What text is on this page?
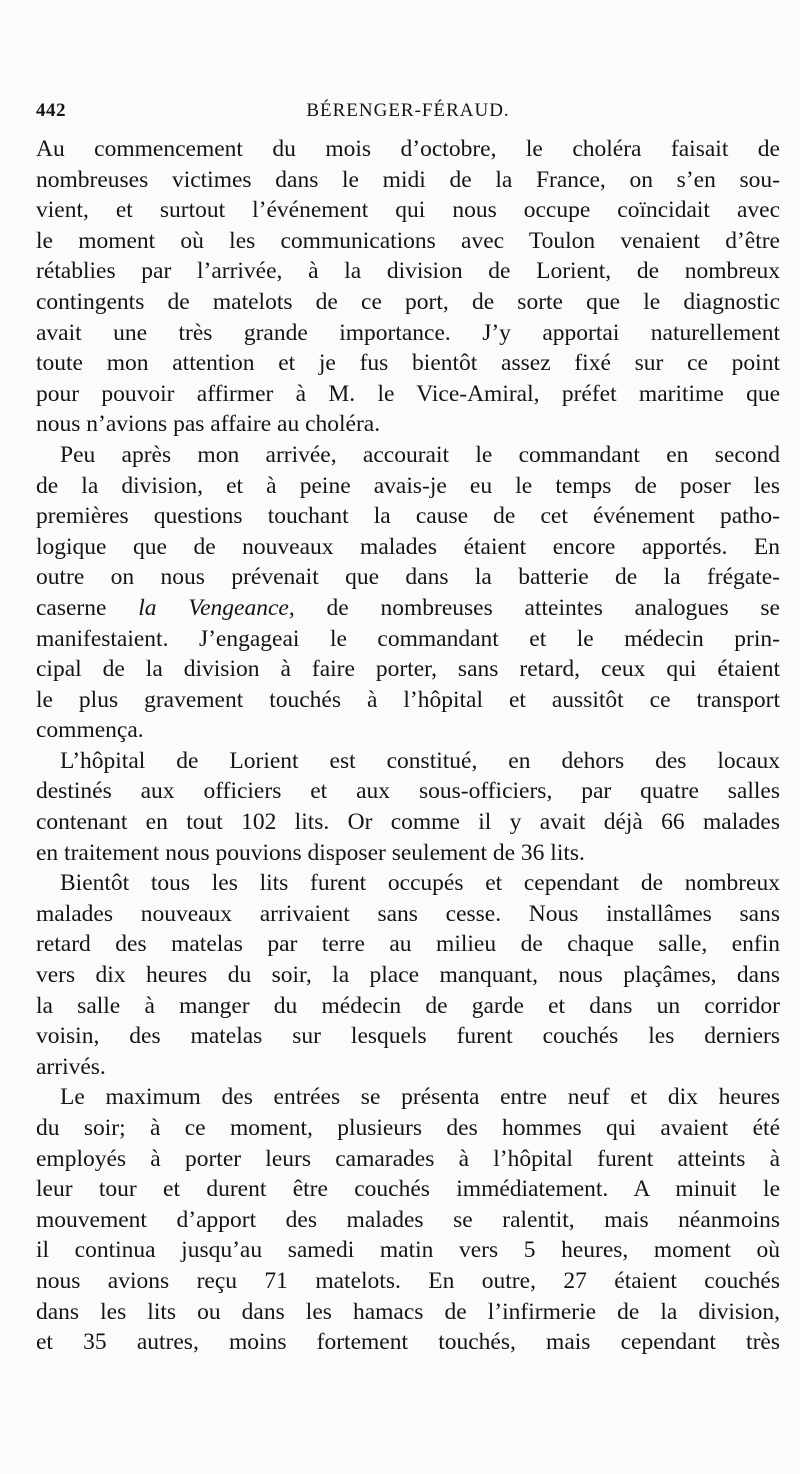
442	BÉRENGER-FÉRAUD.

Au commencement du mois d’octobre, le choléra faisait de
nombreuses victimes dans le midi de la France, on s’en sou-
vient, et surtout l’événement qui nous occupe coïncidait avec
le moment où les communications avec Toulon venaient d’être
rétablies par l’arrivée, à la division de Lorient, de nombreux
contingents de matelots de ce port, de sorte que le diagnostic
avait une très grande importance. J’y apportai naturellement
toute mon attention et je fus bientôt assez fixé sur ce point
pour pouvoir affirmer à M. le Vice-Amiral, préfet maritime que
nous n’avions pas affaire au choléra.

Peu après mon arrivée, accourait le commandant en second
de la division, et à peine avais-je eu le temps de poser les
premières questions touchant la cause de cet événement patho-
logique que de nouveaux malades étaient encore apportés. En
outre on nous prévenait que dans la batterie de la frégate-
caserne la Vengeance, de nombreuses atteintes analogues se
manifestaient. J’engageai le commandant et le médecin prin-
cipal de la division à faire porter, sans retard, ceux qui étaient
le plus gravement touchés à l’hôpital et aussitôt ce transport
commença.

L’hôpital de Lorient est constitué, en dehors des locaux
destinés aux officiers et aux sous-officiers, par quatre salles
contenant en tout 102 lits. Or comme il y avait déjà 66 malades
en traitement nous pouvions disposer seulement de 36 lits.

Bientôt tous les lits furent occupés et cependant de nombreux
malades nouveaux arrivaient sans cesse. Nous installâmes sans
retard des matelas par terre au milieu de chaque salle, enfin
vers dix heures du soir, la place manquant, nous plaçâmes, dans
la salle à manger du médecin de garde et dans un corridor
voisin, des matelas sur lesquels furent couchés les derniers
arrivés.

Le maximum des entrées se présenta entre neuf et dix heures
du soir; à ce moment, plusieurs des hommes qui avaient été
employés à porter leurs camarades à l’hôpital furent atteints à
leur tour et durent être couchés immédiatement. A minuit le
mouvement d’apport des malades se ralentit, mais néanmoins
il continua jusqu’au samedi matin vers 5 heures, moment où
nous avions reçu 71 matelots. En outre, 27 étaient couchés
dans les lits ou dans les hamacs de l’infirmerie de la division,
et 35 autres, moins fortement touchés, mais cependant très
